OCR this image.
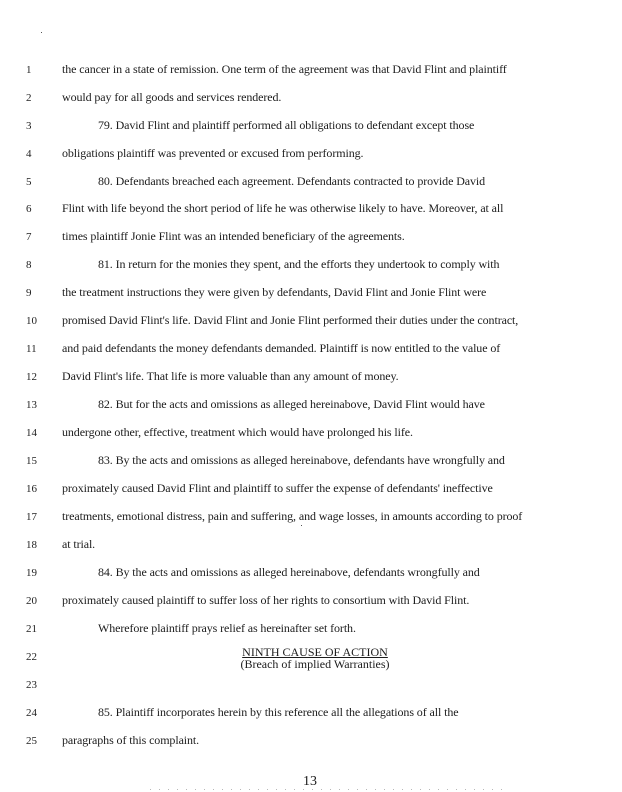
1
2
3
4
5
6
7
8
9
10
11
12
13
14
15
16
17
18
19
20
21
22
23
24
25
the cancer in a state of remission. One term of the agreement was that David Flint and plaintiff
would pay for all goods and services rendered.
79. David Flint and plaintiff performed all obligations to defendant except those
obligations plaintiff was prevented or excused from performing.
80. Defendants breached each agreement. Defendants contracted to provide David
Flint with life beyond the short period of life he was otherwise likely to have. Moreover, at all
times plaintiff Jonie Flint was an intended beneficiary of the agreements.
81. In return for the monies they spent, and the efforts they undertook to comply with
the treatment instructions they were given by defendants, David Flint and Jonie Flint were
promised David Flint's life. David Flint and Jonie Flint performed their duties under the contract,
and paid defendants the money defendants demanded. Plaintiff is now entitled to the value of
David Flint's life. That life is more valuable than any amount of money.
82. But for the acts and omissions as alleged hereinabove, David Flint would have
undergone other, effective, treatment which would have prolonged his life.
83. By the acts and omissions as alleged hereinabove, defendants have wrongfully and
proximately caused David Flint and plaintiff to suffer the expense of defendants' ineffective
treatments, emotional distress, pain and suffering, and wage losses, in amounts according to proof
at trial.
84. By the acts and omissions as alleged hereinabove, defendants wrongfully and
proximately caused plaintiff to suffer loss of her rights to consortium with David Flint.
Wherefore plaintiff prays relief as hereinafter set forth.
85. Plaintiff incorporates herein by this reference all the allegations of all the
paragraphs of this complaint.
NINTH CAUSE OF ACTION
(Breach of implied Warranties)
13
